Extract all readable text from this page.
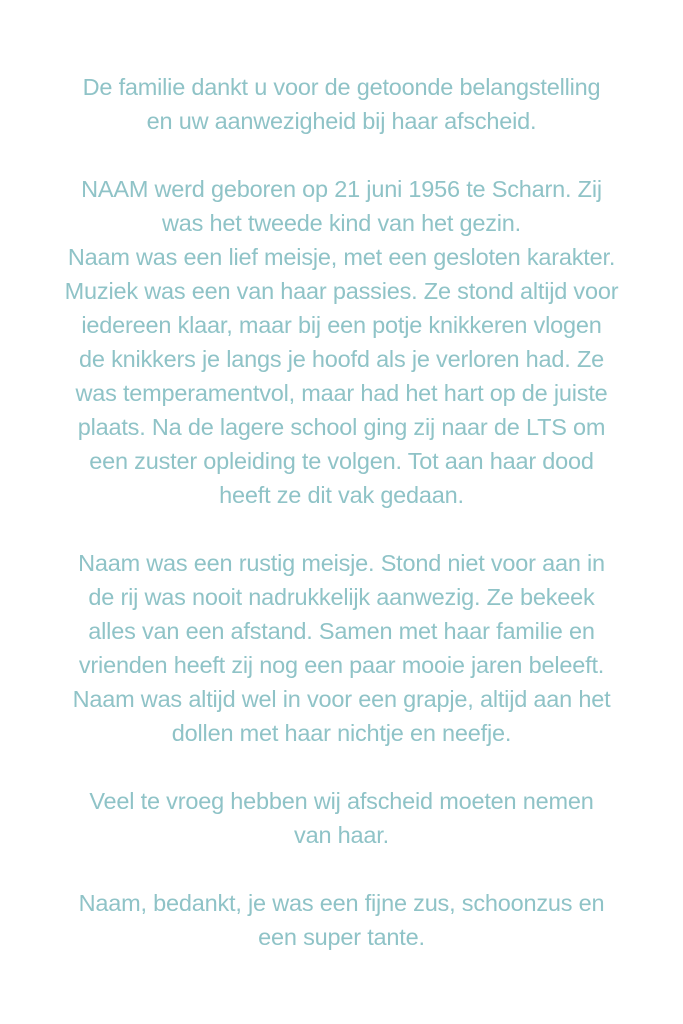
De familie dankt u voor de getoonde belangstelling
en uw aanwezigheid bij haar afscheid.
NAAM werd geboren op 21 juni 1956 te Scharn. Zij
was het tweede kind van het gezin.
Naam was een lief meisje, met een gesloten karakter.
Muziek was een van haar passies. Ze stond altijd voor
iedereen klaar, maar bij een potje knikkeren vlogen
de knikkers je langs je hoofd als je verloren had. Ze
was temperamentvol, maar had het hart op de juiste
plaats. Na de lagere school ging zij naar de LTS om
een zuster opleiding te volgen. Tot aan haar dood
heeft ze dit vak gedaan.
Naam was een rustig meisje. Stond niet voor aan in
de rij was nooit nadrukkelijk aanwezig. Ze bekeek
alles van een afstand. Samen met haar familie en
vrienden heeft zij nog een paar mooie jaren beleeft.
Naam was altijd wel in voor een grapje, altijd aan het
dollen met haar nichtje en neefje.
Veel te vroeg hebben wij afscheid moeten nemen
van haar.
Naam, bedankt, je was een fijne zus, schoonzus en
een super tante.
